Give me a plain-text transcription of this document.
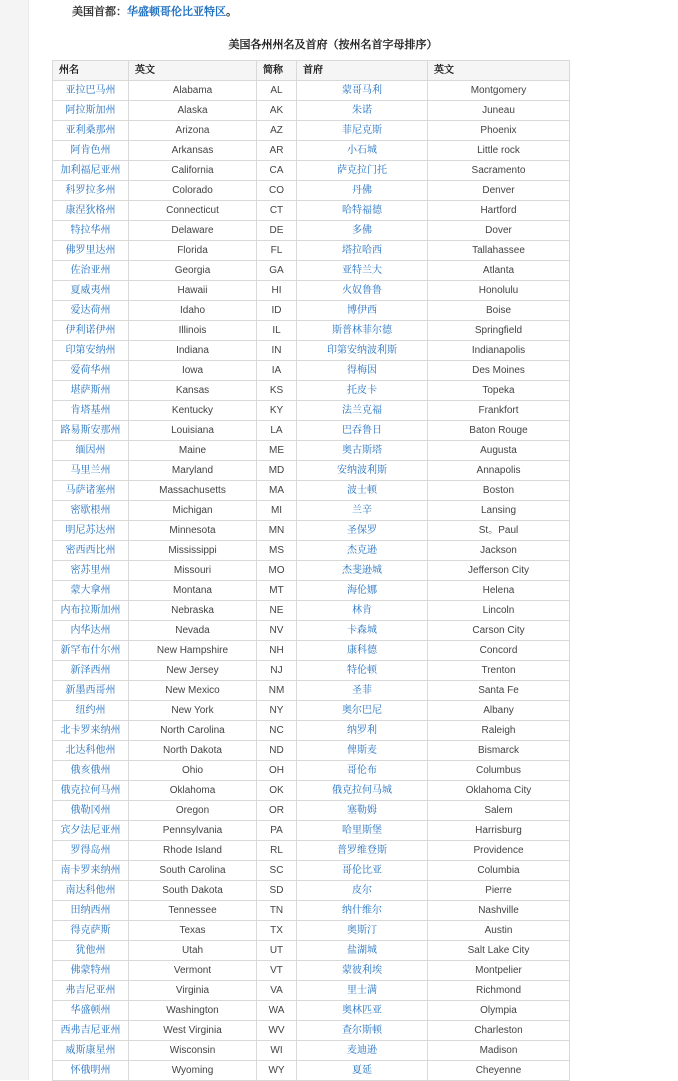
美国首都：华盛顿哥伦比亚特区。
美国各州州名及首府（按州名首字母排序）
州名	英文	简称	首府	英文
亚拉巴马州	Alabama	AL	蒙哥马利	Montgomery
阿拉斯加州	Alaska	AK	朱诺	Juneau
亚利桑那州	Arizona	AZ	菲尼克斯	Phoenix
阿肯色州	Arkansas	AR	小石城	Little rock
加利福尼亚州	California	CA	萨克拉门托	Sacramento
科罗拉多州	Colorado	CO	丹佛	Denver
康涅狄格州	Connecticut	CT	哈特福德	Hartford
特拉华州	Delaware	DE	多佛	Dover
佛罗里达州	Florida	FL	塔拉哈西	Tallahassee
佐治亚州	Georgia	GA	亚特兰大	Atlanta
夏威夷州	Hawaii	HI	火奴鲁鲁	Honolulu
爱达荷州	Idaho	ID	博伊西	Boise
伊利诺伊州	Illinois	IL	斯普林菲尔德	Springfield
印第安纳州	Indiana	IN	印第安纳波利斯	Indianapolis
爱荷华州	Iowa	IA	得梅因	Des Moines
堪萨斯州	Kansas	KS	托皮卡	Topeka
肯塔基州	Kentucky	KY	法兰克福	Frankfort
路易斯安那州	Louisiana	LA	巴吞鲁日	Baton Rouge
缅因州	Maine	ME	奥古斯塔	Augusta
马里兰州	Maryland	MD	安纳波利斯	Annapolis
马萨诸塞州	Massachusetts	MA	波士顿	Boston
密歇根州	Michigan	MI	兰辛	Lansing
明尼苏达州	Minnesota	MN	圣保罗	St。Paul
密西西比州	Mississippi	MS	杰克逊	Jackson
密苏里州	Missouri	MO	杰斐逊城	Jefferson City
蒙大拿州	Montana	MT	海伦娜	Helena
内布拉斯加州	Nebraska	NE	林肯	Lincoln
内华达州	Nevada	NV	卡森城	Carson City
新罕布什尔州	New Hampshire	NH	康科德	Concord
新泽西州	New Jersey	NJ	特伦顿	Trenton
新墨西哥州	New Mexico	NM	圣菲	Santa Fe
纽约州	New York	NY	奥尔巴尼	Albany
北卡罗来纳州	North Carolina	NC	纳罗利	Raleigh
北达科他州	North Dakota	ND	俾斯麦	Bismarck
俄亥俄州	Ohio	OH	哥伦布	Columbus
俄克拉何马州	Oklahoma	OK	俄克拉何马城	Oklahoma City
俄勒冈州	Oregon	OR	塞勒姆	Salem
宾夕法尼亚州	Pennsylvania	PA	哈里斯堡	Harrisburg
罗得岛州	Rhode Island	RL	普罗维登斯	Providence
南卡罗来纳州	South Carolina	SC	哥伦比亚	Columbia
南达科他州	South Dakota	SD	皮尔	Pierre
田纳西州	Tennessee	TN	纳什维尔	Nashville
得克萨斯	Texas	TX	奥斯汀	Austin
犹他州	Utah	UT	盐湖城	Salt Lake City
佛蒙特州	Vermont	VT	蒙彼利埃	Montpelier
弗吉尼亚州	Virginia	VA	里士满	Richmond
华盛顿州	Washington	WA	奥林匹亚	Olympia
西弗吉尼亚州	West Virginia	WV	查尔斯顿	Charleston
威斯康星州	Wisconsin	WI	麦迪逊	Madison
怀俄明州	Wyoming	WY	夏延	Cheyenne
